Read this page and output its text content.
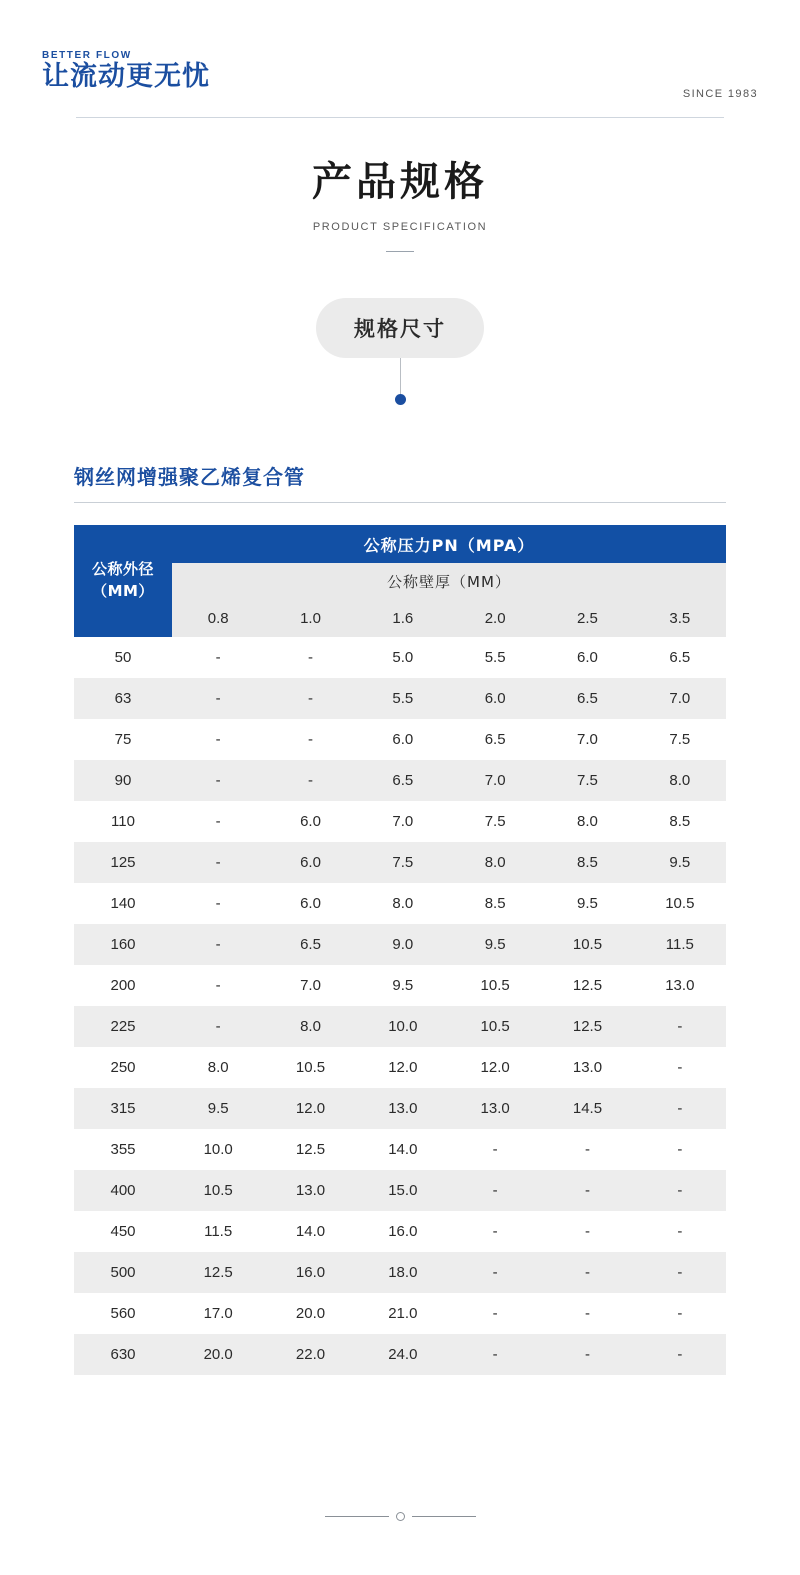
BETTER FLOW
让流动更无忧
SINCE 1983
产品规格
PRODUCT SPECIFICATION
规格尺寸
钢丝网增强聚乙烯复合管
公称外径（MM）	公称压力PN（MPA）					
	公称壁厚（MM）					
	0.8	1.0	1.6	2.0	2.5	3.5
50	-	-	5.0	5.5	6.0	6.5
63	-	-	5.5	6.0	6.5	7.0
75	-	-	6.0	6.5	7.0	7.5
90	-	-	6.5	7.0	7.5	8.0
110	-	6.0	7.0	7.5	8.0	8.5
125	-	6.0	7.5	8.0	8.5	9.5
140	-	6.0	8.0	8.5	9.5	10.5
160	-	6.5	9.0	9.5	10.5	11.5
200	-	7.0	9.5	10.5	12.5	13.0
225	-	8.0	10.0	10.5	12.5	-
250	8.0	10.5	12.0	12.0	13.0	-
315	9.5	12.0	13.0	13.0	14.5	-
355	10.0	12.5	14.0	-	-	-
400	10.5	13.0	15.0	-	-	-
450	11.5	14.0	16.0	-	-	-
500	12.5	16.0	18.0	-	-	-
560	17.0	20.0	21.0	-	-	-
630	20.0	22.0	24.0	-	-	-
